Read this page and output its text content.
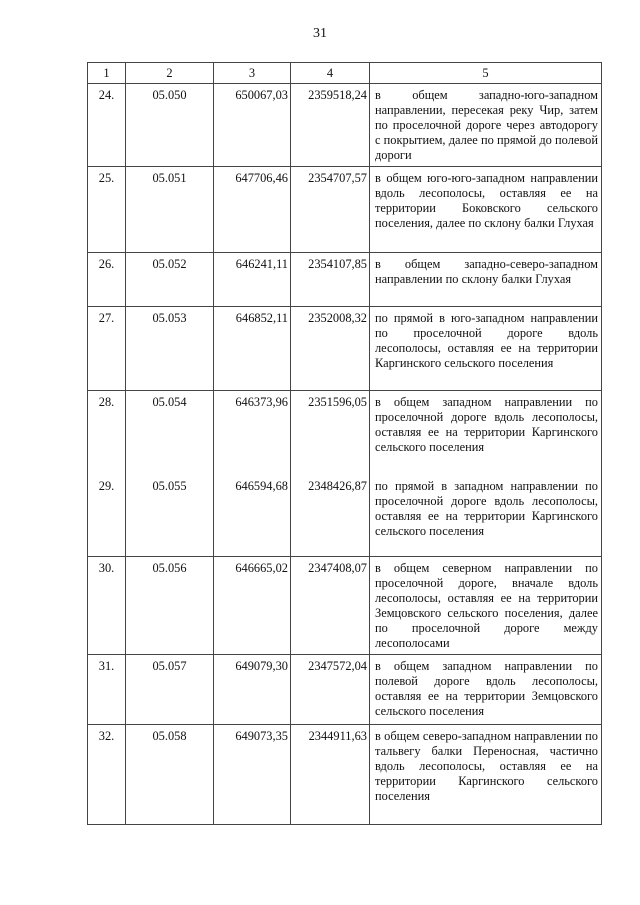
31
1	2	3	4	5
24.	05.050	650067,03	2359518,24	в общем западно-юго-западном направлении, пересекая реку Чир, затем по проселочной дороге через автодорогу с покрытием, далее по прямой до полевой дороги
25.	05.051	647706,46	2354707,57	в общем юго-юго-западном направлении вдоль лесополосы, оставляя ее на территории Боковского сельского поселения, далее по склону балки Глухая
26.	05.052	646241,11	2354107,85	в общем западно-северо-западном направлении по склону балки Глухая
27.	05.053	646852,11	2352008,32	по прямой в юго-западном направлении по проселочной дороге вдоль лесополосы, оставляя ее на территории Каргинского сельского поселения
28.	05.054	646373,96	2351596,05	в общем западном направлении по проселочной дороге вдоль лесополосы, оставляя ее на территории Каргинского сельского поселения
29.	05.055	646594,68	2348426,87	по прямой в западном направлении по проселочной дороге вдоль лесополосы, оставляя ее на территории Каргинского сельского поселения
30.	05.056	646665,02	2347408,07	в общем северном направлении по проселочной дороге, вначале вдоль лесополосы, оставляя ее на территории Земцовского сельского поселения, далее по проселочной дороге между лесополосами
31.	05.057	649079,30	2347572,04	в общем западном направлении по полевой дороге вдоль лесополосы, оставляя ее на территории Земцовского сельского поселения
32.	05.058	649073,35	2344911,63	в общем северо-западном направлении по тальвегу балки Переносная, частично вдоль лесополосы, оставляя ее на территории Каргинского сельского поселения
